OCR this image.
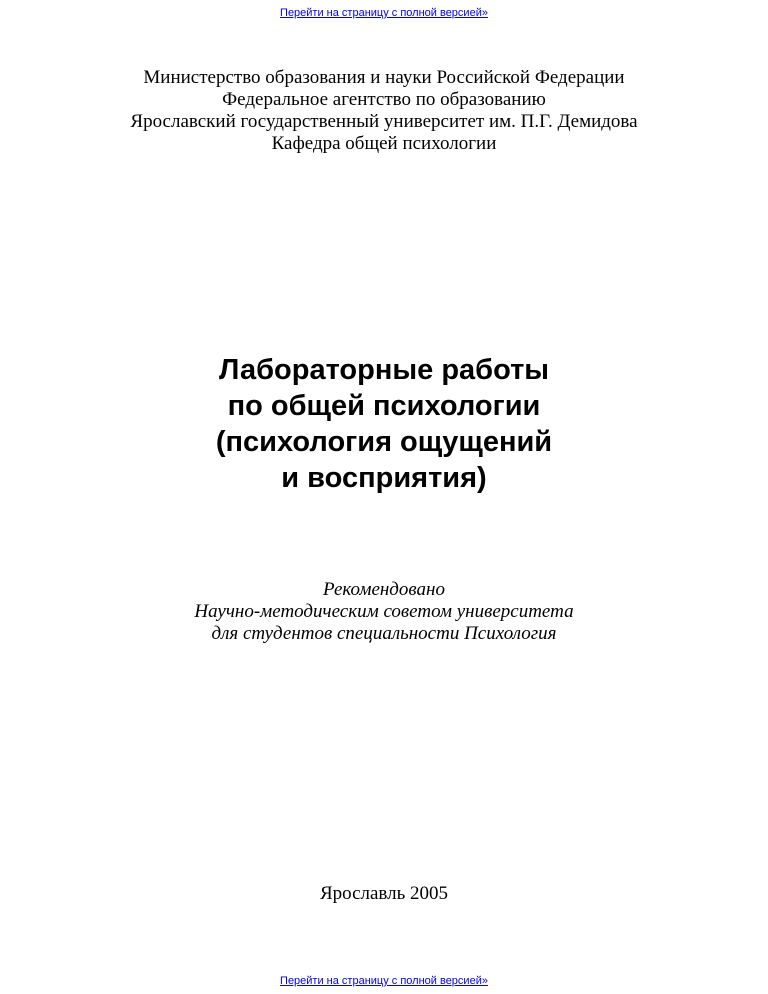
Перейти на страницу с полной версией»
Министерство образования и науки Российской Федерации
Федеральное агентство по образованию
Ярославский государственный университет им. П.Г. Демидова
Кафедра общей психологии
Лабораторные работы
по общей психологии
(психология ощущений
и восприятия)
Рекомендовано
Научно-методическим советом университета
для студентов специальности Психология
Ярославль 2005
Перейти на страницу с полной версией»
